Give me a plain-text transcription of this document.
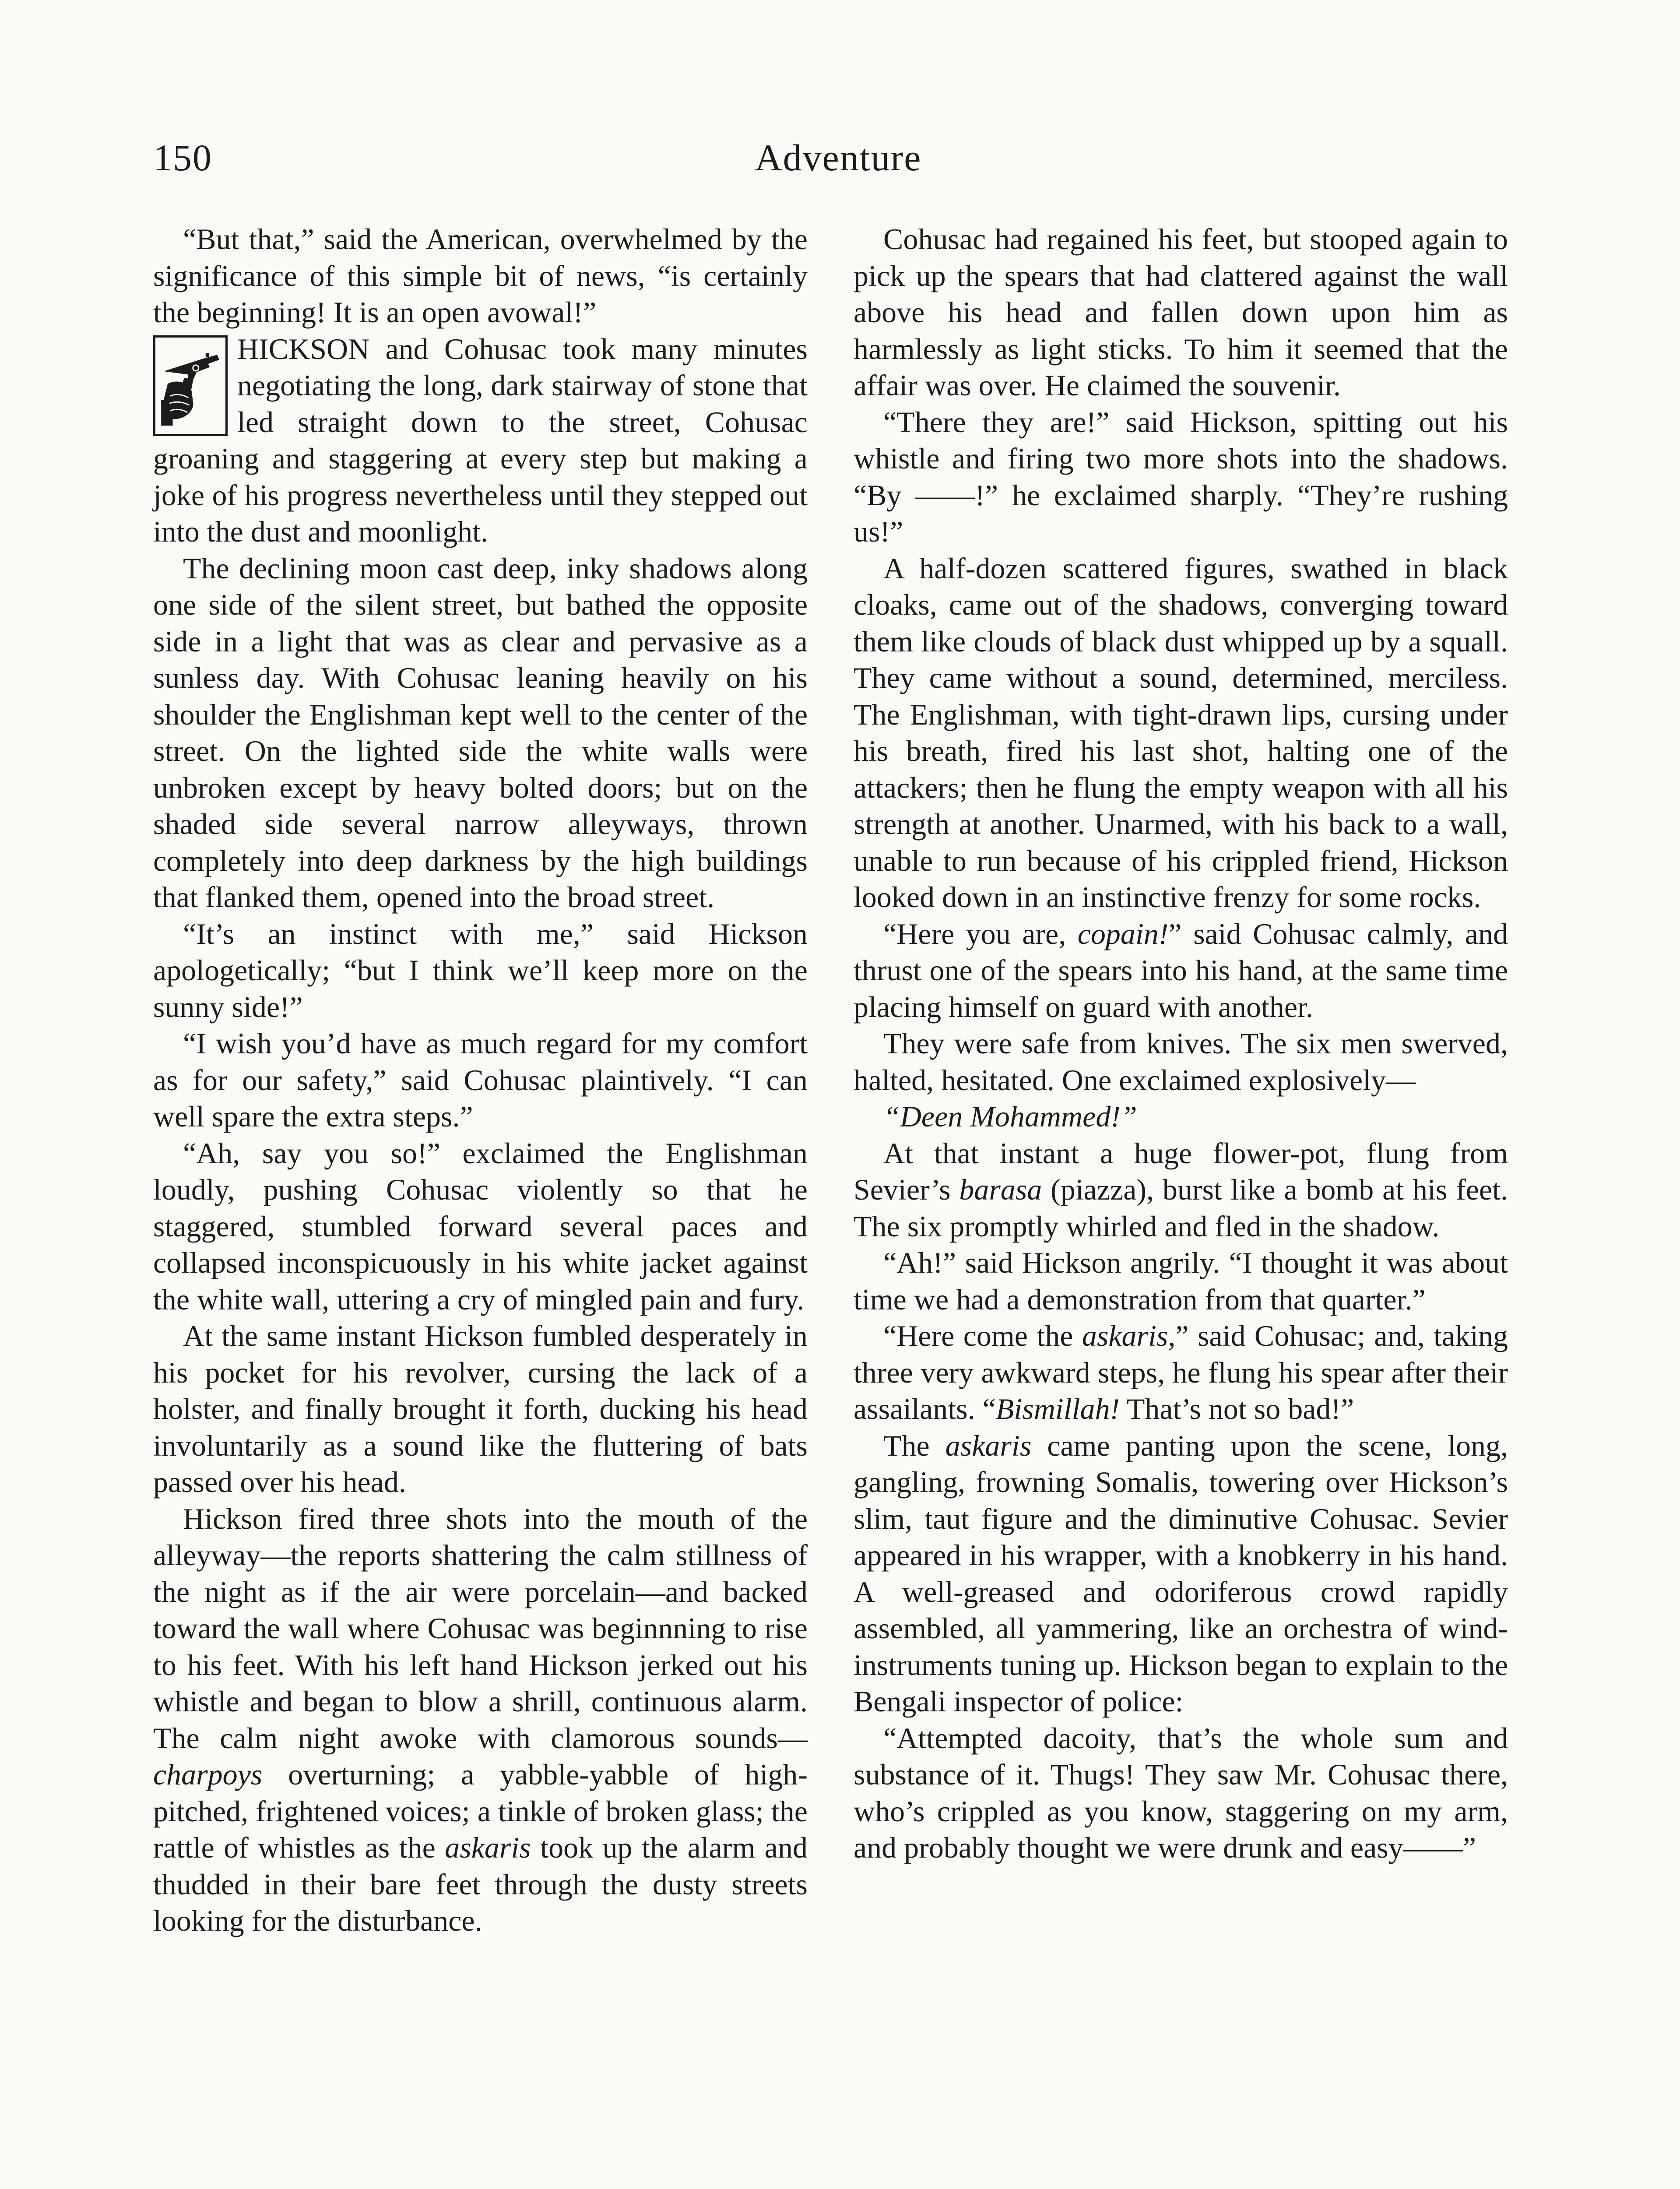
150	Adventure

“But that,” said the American, overwhelmed by the significance of this simple bit of news, “is certainly the beginning! It is an open avowal!”

HICKSON and Cohusac took many minutes negotiating the long, dark stairway of stone that led straight down to the street, Cohusac groaning and staggering at every step but making a joke of his progress nevertheless until they stepped out into the dust and moonlight.

The declining moon cast deep, inky shadows along one side of the silent street, but bathed the opposite side in a light that was as clear and pervasive as a sunless day. With Cohusac leaning heavily on his shoulder the Englishman kept well to the center of the street. On the lighted side the white walls were unbroken except by heavy bolted doors; but on the shaded side several narrow alleyways, thrown completely into deep darkness by the high buildings that flanked them, opened into the broad street.

“It’s an instinct with me,” said Hickson apologetically; “but I think we’ll keep more on the sunny side!”

“I wish you’d have as much regard for my comfort as for our safety,” said Cohusac plaintively. “I can well spare the extra steps.”

“Ah, say you so!” exclaimed the Englishman loudly, pushing Cohusac violently so that he staggered, stumbled forward several paces and collapsed inconspicuously in his white jacket against the white wall, uttering a cry of mingled pain and fury.

At the same instant Hickson fumbled desperately in his pocket for his revolver, cursing the lack of a holster, and finally brought it forth, ducking his head involuntarily as a sound like the fluttering of bats passed over his head.

Hickson fired three shots into the mouth of the alleyway—the reports shattering the calm stillness of the night as if the air were porcelain—and backed toward the wall where Cohusac was beginnning to rise to his feet. With his left hand Hickson jerked out his whistle and began to blow a shrill, continuous alarm. The calm night awoke with clamorous sounds—charpoys overturning; a yabble-yabble of high-pitched, frightened voices; a tinkle of broken glass; the rattle of whistles as the askaris took up the alarm and thudded in their bare feet through the dusty streets looking for the disturbance.

Cohusac had regained his feet, but stooped again to pick up the spears that had clattered against the wall above his head and fallen down upon him as harmlessly as light sticks. To him it seemed that the affair was over. He claimed the souvenir.

“There they are!” said Hickson, spitting out his whistle and firing two more shots into the shadows. “By ——!” he exclaimed sharply. “They’re rushing us!”

A half-dozen scattered figures, swathed in black cloaks, came out of the shadows, converging toward them like clouds of black dust whipped up by a squall. They came without a sound, determined, merciless. The Englishman, with tight-drawn lips, cursing under his breath, fired his last shot, halting one of the attackers; then he flung the empty weapon with all his strength at another. Unarmed, with his back to a wall, unable to run because of his crippled friend, Hickson looked down in an instinctive frenzy for some rocks.

“Here you are, copain!” said Cohusac calmly, and thrust one of the spears into his hand, at the same time placing himself on guard with another.

They were safe from knives. The six men swerved, halted, hesitated. One exclaimed explosively—

“Deen Mohammed!”

At that instant a huge flower-pot, flung from Sevier’s barasa (piazza), burst like a bomb at his feet. The six promptly whirled and fled in the shadow.

“Ah!” said Hickson angrily. “I thought it was about time we had a demonstration from that quarter.”

“Here come the askaris,” said Cohusac; and, taking three very awkward steps, he flung his spear after their assailants. “Bismillah! That’s not so bad!”

The askaris came panting upon the scene, long, gangling, frowning Somalis, towering over Hickson’s slim, taut figure and the diminutive Cohusac. Sevier appeared in his wrapper, with a knobkerry in his hand. A well-greased and odoriferous crowd rapidly assembled, all yammering, like an orchestra of wind-instruments tuning up. Hickson began to explain to the Bengali inspector of police:

“Attempted dacoity, that’s the whole sum and substance of it. Thugs! They saw Mr. Cohusac there, who’s crippled as you know, staggering on my arm, and probably thought we were drunk and easy——”
